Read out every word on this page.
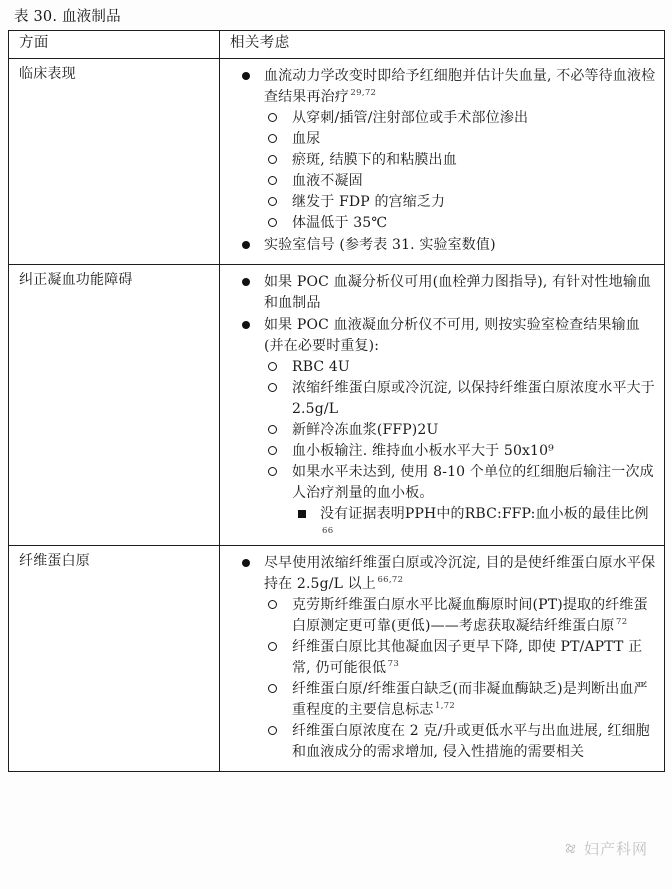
表 30. 血液制品
方面	相关考虑

临床表现	血流动力学改变时即给予红细胞并估计失血量, 不必等待血液检查结果再治疗 $^{29,72}$
从穿刺/插管/注射部位或手术部位渗出
血尿
瘀斑, 结膜下的和粘膜出血
血液不凝固
继发于 FDP 的宫缩乏力
体温低于 35℃
实验室信号 (参考表 31. 实验室数值)

纠正凝血功能障碍	如果 POC 血凝分析仪可用(血栓弹力图指导), 有针对性地输血和血制品
如果 POC 血液凝血分析仪不可用, 则按实验室检查结果输血(并在必要时重复):
RBC 4U
浓缩纤维蛋白原或冷沉淀, 以保持纤维蛋白原浓度水平大于 2.5g/L
新鲜冷冻血浆(FFP)2U
血小板输注. 维持血小板水平大于 50x10⁹
如果水平未达到, 使用 8-10 个单位的红细胞后输注一次成人治疗剂量的血小板。
没有证据表明PPH中的RBC:FFP:血小板的最佳比例
66

纤维蛋白原	尽早使用浓缩纤维蛋白原或冷沉淀, 目的是使纤维蛋白原水平保持在 2.5g/L 以上 $^{66,72}$
克劳斯纤维蛋白原水平比凝血酶原时间(PT)提取的纤维蛋白原测定更可靠(更低)——考虑获取凝结纤维蛋白原 $^{72}$
纤维蛋白原比其他凝血因子更早下降, 即使 PT/APTT 正常, 仍可能很低 $^{73}$
纤维蛋白原/纤维蛋白缺乏(而非凝血酶缺乏)是判断出血严重程度的主要信息标志 $^{1,72}$
纤维蛋白原浓度在 2 克/升或更低水平与出血进展, 红细胞和血液成分的需求增加, 侵入性措施的需要相关
妇产科网
